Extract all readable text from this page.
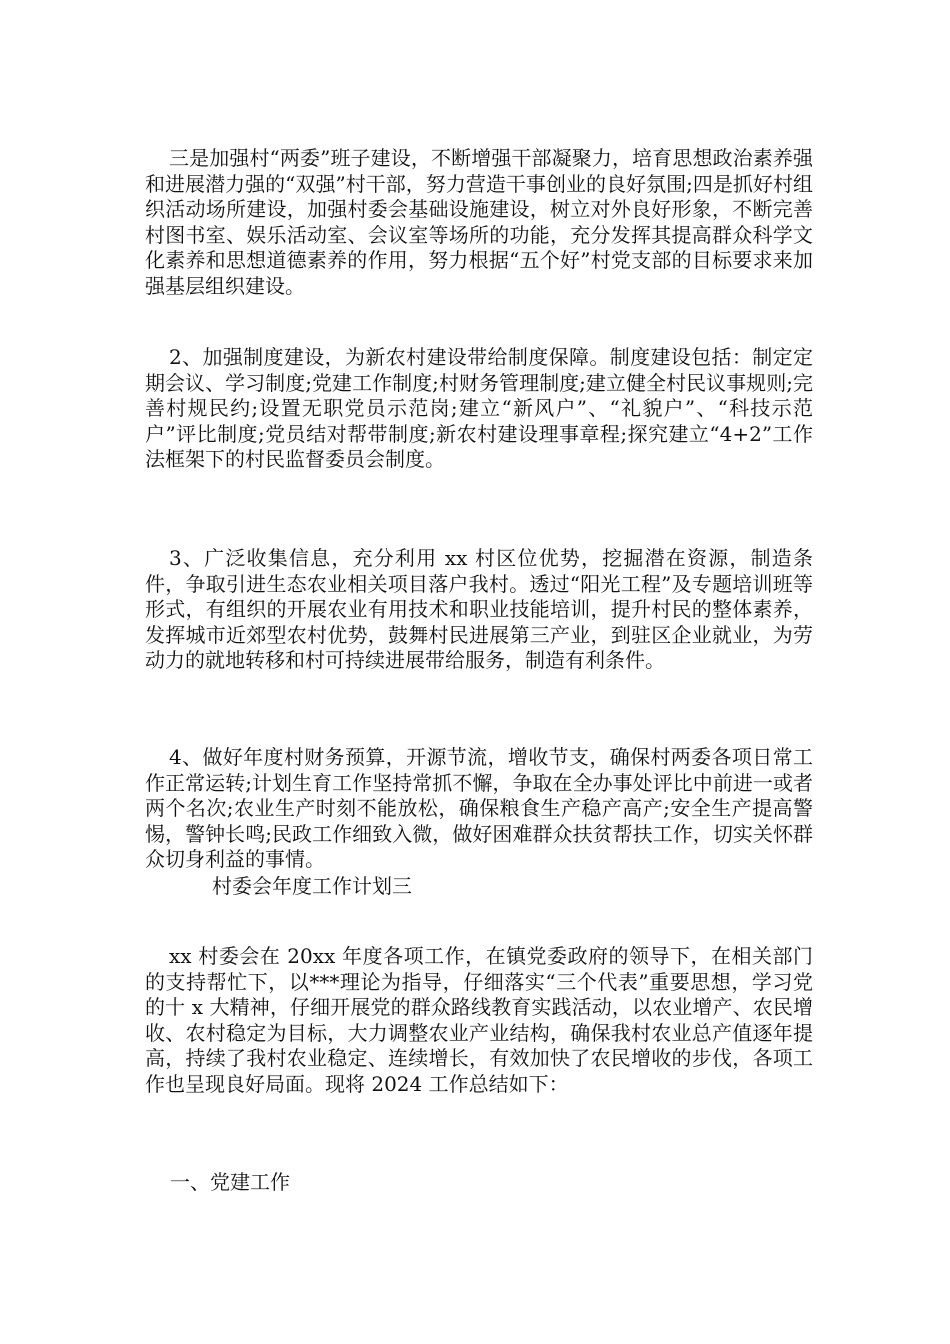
三是加强村“两委”班子建设，不断增强干部凝聚力，培育思想政治素养强和进展潜力强的“双强”村干部，努力营造干事创业的良好氛围;四是抓好村组织活动场所建设，加强村委会基础设施建设，树立对外良好形象，不断完善村图书室、娱乐活动室、会议室等场所的功能，充分发挥其提高群众科学文化素养和思想道德素养的作用，努力根据“五个好”村党支部的目标要求来加强基层组织建设。

2、加强制度建设，为新农村建设带给制度保障。制度建设包括：制定定期会议、学习制度;党建工作制度;村财务管理制度;建立健全村民议事规则;完善村规民约;设置无职党员示范岗;建立“新风户”、“礼貌户”、“科技示范户”评比制度;党员结对帮带制度;新农村建设理事章程;探究建立“4+2”工作法框架下的村民监督委员会制度。

3、广泛收集信息，充分利用 xx 村区位优势，挖掘潜在资源，制造条件，争取引进生态农业相关项目落户我村。透过“阳光工程”及专题培训班等形式，有组织的开展农业有用技术和职业技能培训，提升村民的整体素养，发挥城市近郊型农村优势，鼓舞村民进展第三产业，到驻区企业就业，为劳动力的就地转移和村可持续进展带给服务，制造有利条件。

4、做好年度村财务预算，开源节流，增收节支，确保村两委各项日常工作正常运转;计划生育工作坚持常抓不懈，争取在全办事处评比中前进一或者两个名次;农业生产时刻不能放松，确保粮食生产稳产高产;安全生产提高警惕，警钟长鸣;民政工作细致入微，做好困难群众扶贫帮扶工作，切实关怀群众切身利益的事情。

村委会年度工作计划三

xx 村委会在 20xx 年度各项工作，在镇党委政府的领导下，在相关部门的支持帮忙下，以***理论为指导，仔细落实“三个代表”重要思想，学习党的十 x 大精神，仔细开展党的群众路线教育实践活动，以农业增产、农民增收、农村稳定为目标，大力调整农业产业结构，确保我村农业总产值逐年提高，持续了我村农业稳定、连续增长，有效加快了农民增收的步伐，各项工作也呈现良好局面。现将 2024 工作总结如下：

一、党建工作
